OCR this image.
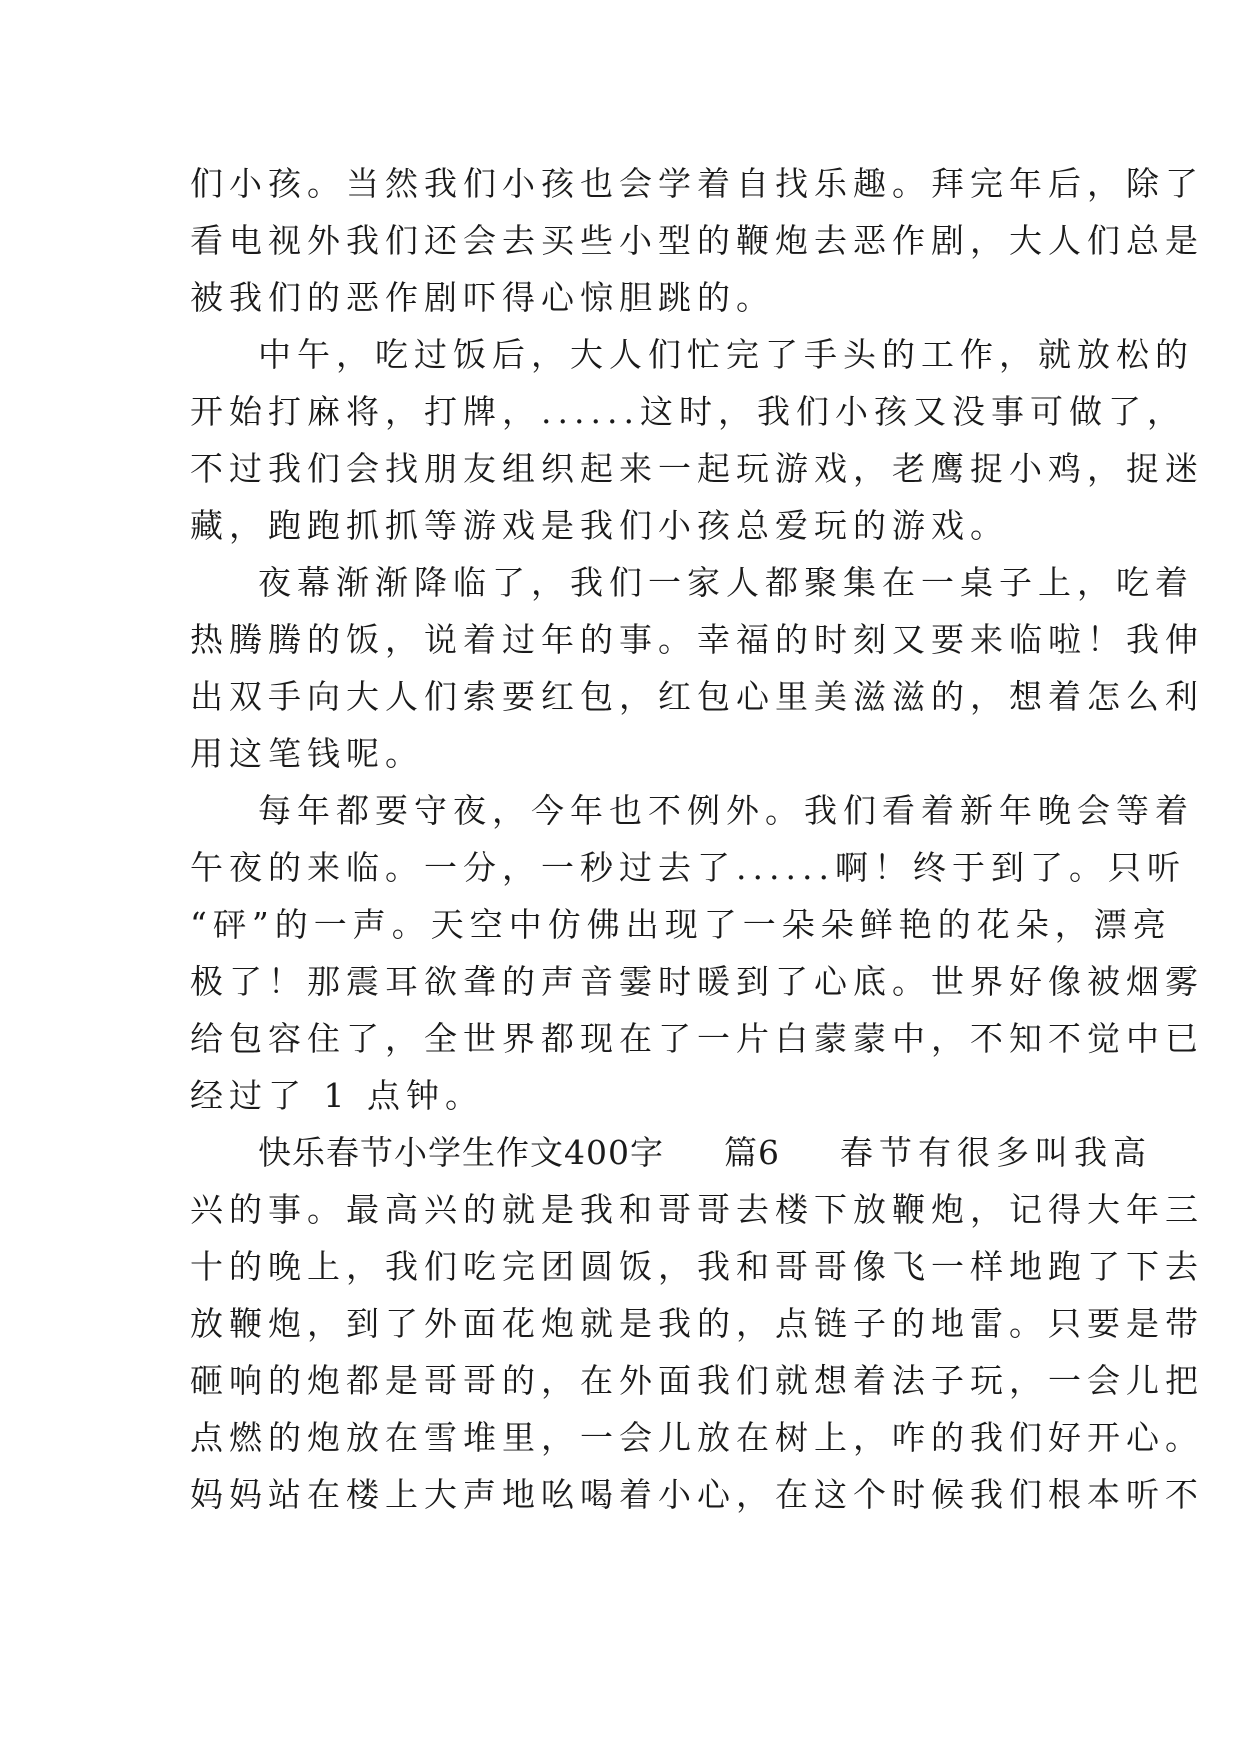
们小孩。当然我们小孩也会学着自找乐趣。拜完年后，除了
看电视外我们还会去买些小型的鞭炮去恶作剧，大人们总是
被我们的恶作剧吓得心惊胆跳的。

中午，吃过饭后，大人们忙完了手头的工作，就放松的
开始打麻将，打牌，......这时，我们小孩又没事可做了，
不过我们会找朋友组织起来一起玩游戏，老鹰捉小鸡，捉迷
藏，跑跑抓抓等游戏是我们小孩总爱玩的游戏。

夜幕渐渐降临了，我们一家人都聚集在一桌子上，吃着
热腾腾的饭，说着过年的事。幸福的时刻又要来临啦！我伸
出双手向大人们索要红包，红包心里美滋滋的，想着怎么利
用这笔钱呢。

每年都要守夜，今年也不例外。我们看着新年晚会等着
午夜的来临。一分，一秒过去了......啊！终于到了。只听
“砰”的一声。天空中仿佛出现了一朵朵鲜艳的花朵，漂亮
极了！那震耳欲聋的声音霎时暖到了心底。世界好像被烟雾
给包容住了，全世界都现在了一片白蒙蒙中，不知不觉中已
经过了 1 点钟。

快乐春节小学生作文400字 篇6 春节有很多叫我高
兴的事。最高兴的就是我和哥哥去楼下放鞭炮，记得大年三
十的晚上，我们吃完团圆饭，我和哥哥像飞一样地跑了下去
放鞭炮，到了外面花炮就是我的，点链子的地雷。只要是带
砸响的炮都是哥哥的，在外面我们就想着法子玩，一会儿把
点燃的炮放在雪堆里，一会儿放在树上，咋的我们好开心。
妈妈站在楼上大声地吆喝着小心，在这个时候我们根本听不
